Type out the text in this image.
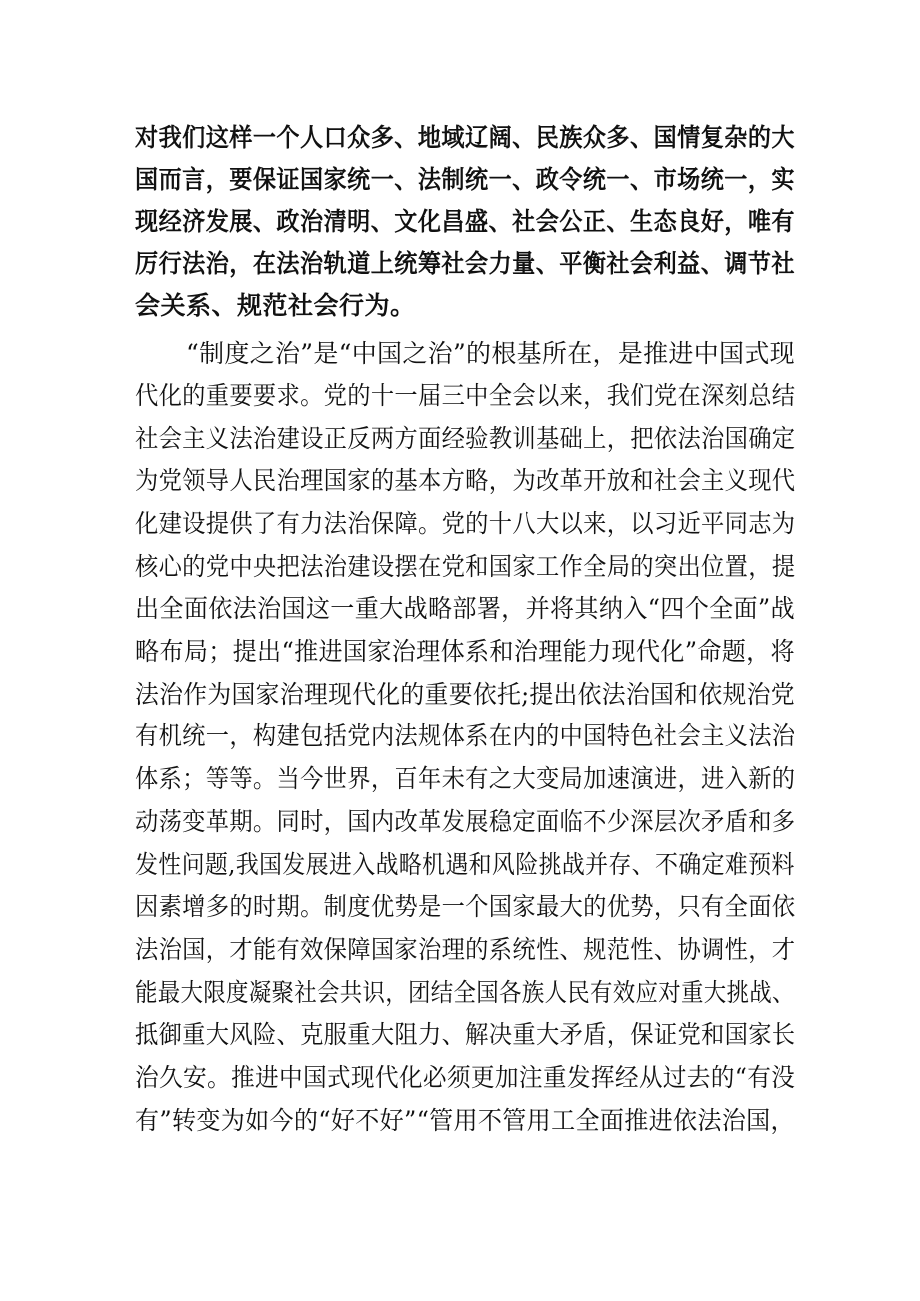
对我们这样一个人口众多、地域辽阔、民族众多、国情复杂的大
国而言，要保证国家统一、法制统一、政令统一、市场统一，实
现经济发展、政治清明、文化昌盛、社会公正、生态良好，唯有
厉行法治，在法治轨道上统筹社会力量、平衡社会利益、调节社
会关系、规范社会行为。
“制度之治”是“中国之治”的根基所在，是推进中国式现
代化的重要要求。党的十一届三中全会以来，我们党在深刻总结
社会主义法治建设正反两方面经验教训基础上，把依法治国确定
为党领导人民治理国家的基本方略，为改革开放和社会主义现代
化建设提供了有力法治保障。党的十八大以来，以习近平同志为
核心的党中央把法治建设摆在党和国家工作全局的突出位置，提
出全面依法治国这一重大战略部署，并将其纳入“四个全面”战
略布局；提出“推进国家治理体系和治理能力现代化”命题，将
法治作为国家治理现代化的重要依托;提出依法治国和依规治党
有机统一，构建包括党内法规体系在内的中国特色社会主义法治
体系；等等。当今世界，百年未有之大变局加速演进，进入新的
动荡变革期。同时，国内改革发展稳定面临不少深层次矛盾和多
发性问题,我国发展进入战略机遇和风险挑战并存、不确定难预料
因素增多的时期。制度优势是一个国家最大的优势，只有全面依
法治国，才能有效保障国家治理的系统性、规范性、协调性，才
能最大限度凝聚社会共识，团结全国各族人民有效应对重大挑战、
抵御重大风险、克服重大阻力、解决重大矛盾，保证党和国家长
治久安。推进中国式现代化必须更加注重发挥经从过去的“有没
有”转变为如今的“好不好”“管用不管用工全面推进依法治国，
